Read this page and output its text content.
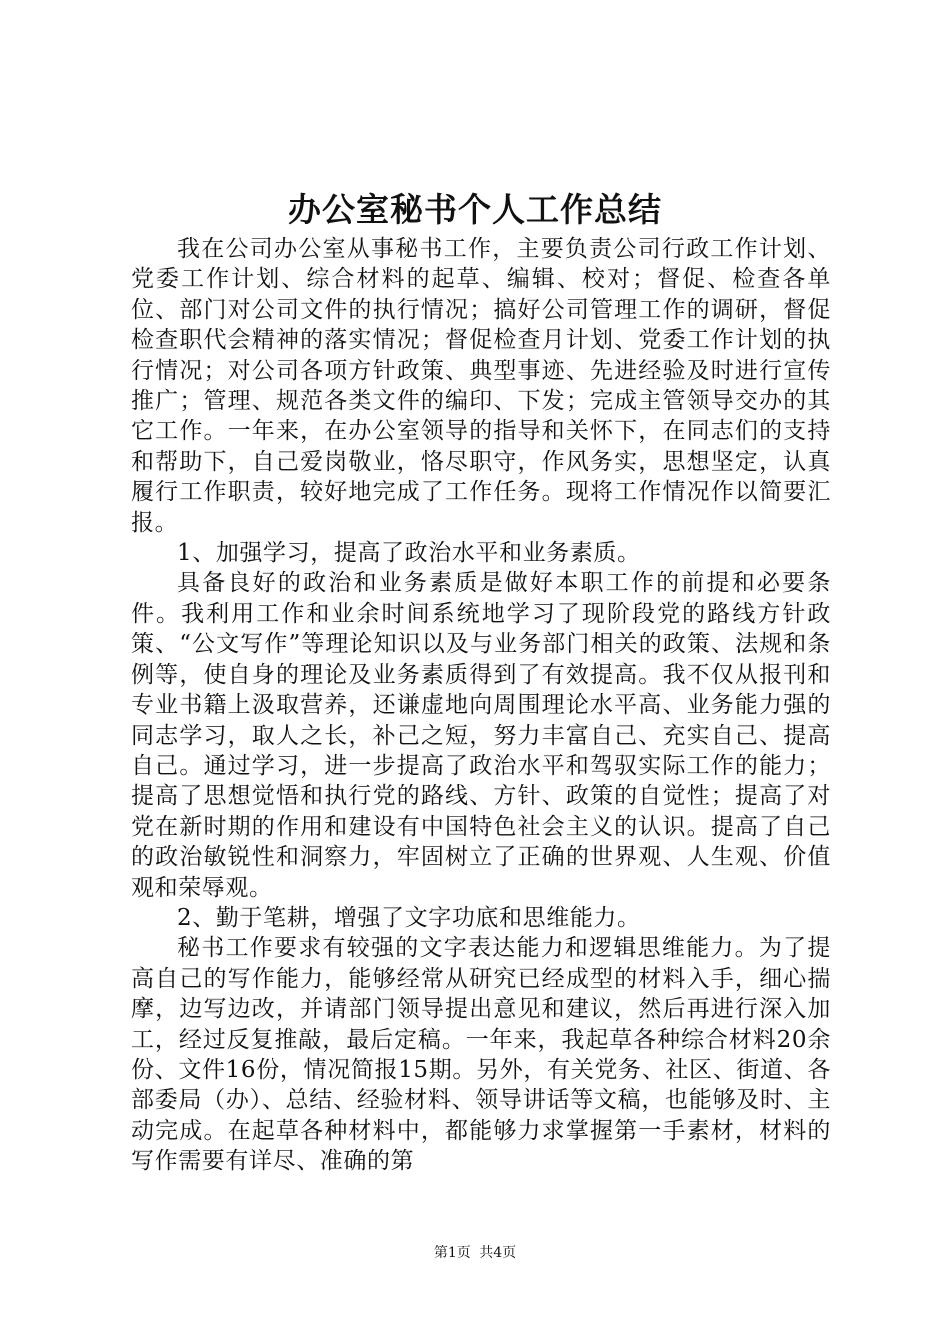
办公室秘书个人工作总结

我在公司办公室从事秘书工作，主要负责公司行政工作计划、党委工作计划、综合材料的起草、编辑、校对；督促、检查各单位、部门对公司文件的执行情况；搞好公司管理工作的调研，督促检查职代会精神的落实情况；督促检查月计划、党委工作计划的执行情况；对公司各项方针政策、典型事迹、先进经验及时进行宣传推广；管理、规范各类文件的编印、下发；完成主管领导交办的其它工作。一年来，在办公室领导的指导和关怀下，在同志们的支持和帮助下，自己爱岗敬业，恪尽职守，作风务实，思想坚定，认真履行工作职责，较好地完成了工作任务。现将工作情况作以简要汇报。

1、加强学习，提高了政治水平和业务素质。

具备良好的政治和业务素质是做好本职工作的前提和必要条件。我利用工作和业余时间系统地学习了现阶段党的路线方针政策、“公文写作”等理论知识以及与业务部门相关的政策、法规和条例等，使自身的理论及业务素质得到了有效提高。我不仅从报刊和专业书籍上汲取营养，还谦虚地向周围理论水平高、业务能力强的同志学习，取人之长，补己之短，努力丰富自己、充实自己、提高自己。通过学习，进一步提高了政治水平和驾驭实际工作的能力；提高了思想觉悟和执行党的路线、方针、政策的自觉性；提高了对党在新时期的作用和建设有中国特色社会主义的认识。提高了自己的政治敏锐性和洞察力，牢固树立了正确的世界观、人生观、价值观和荣辱观。

2、勤于笔耕，增强了文字功底和思维能力。

秘书工作要求有较强的文字表达能力和逻辑思维能力。为了提高自己的写作能力，能够经常从研究已经成型的材料入手，细心揣摩，边写边改，并请部门领导提出意见和建议，然后再进行深入加工，经过反复推敲，最后定稿。一年来，我起草各种综合材料20余份、文件16份，情况简报15期。另外，有关党务、社区、街道、各部委局（办）、总结、经验材料、领导讲话等文稿，也能够及时、主动完成。在起草各种材料中，都能够力求掌握第一手素材，材料的写作需要有详尽、准确的第

第1页 共4页
